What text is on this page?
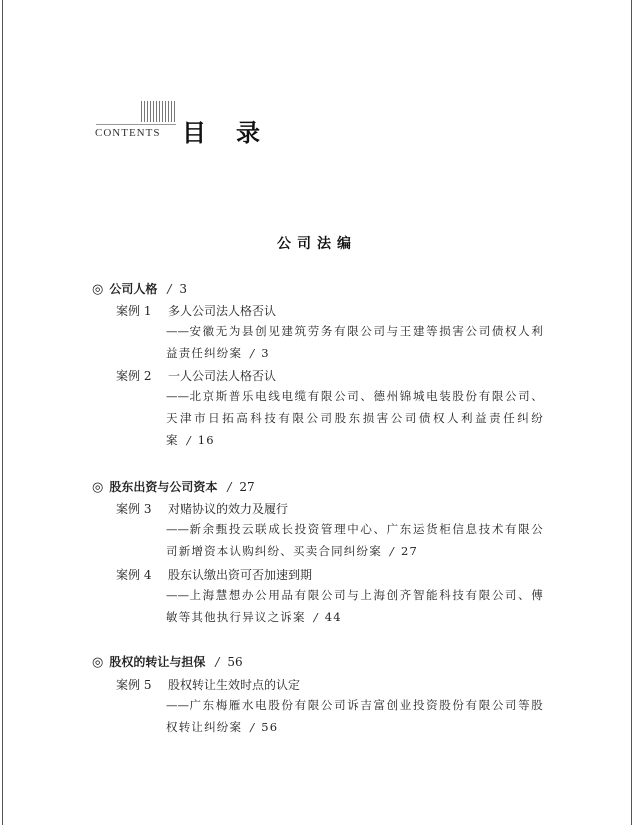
CONTENTS 目录
公司法编
◎ 公司人格 / 3
案例 1 多人公司法人格否认
——安徽无为县创见建筑劳务有限公司与王建等损害公司债权人利益责任纠纷案 / 3
案例 2 一人公司法人格否认
——北京斯普乐电线电缆有限公司、德州锦城电装股份有限公司、天津市日拓高科技有限公司股东损害公司债权人利益责任纠纷案 / 16
◎ 股东出资与公司资本 / 27
案例 3 对赌协议的效力及履行
——新余甄投云联成长投资管理中心、广东运货柜信息技术有限公司新增资本认购纠纷、买卖合同纠纷案 / 27
案例 4 股东认缴出资可否加速到期
——上海慧想办公用品有限公司与上海创齐智能科技有限公司、傅敏等其他执行异议之诉案 / 44
◎ 股权的转让与担保 / 56
案例 5 股权转让生效时点的认定
——广东梅雁水电股份有限公司诉吉富创业投资股份有限公司等股权转让纠纷案 / 56
